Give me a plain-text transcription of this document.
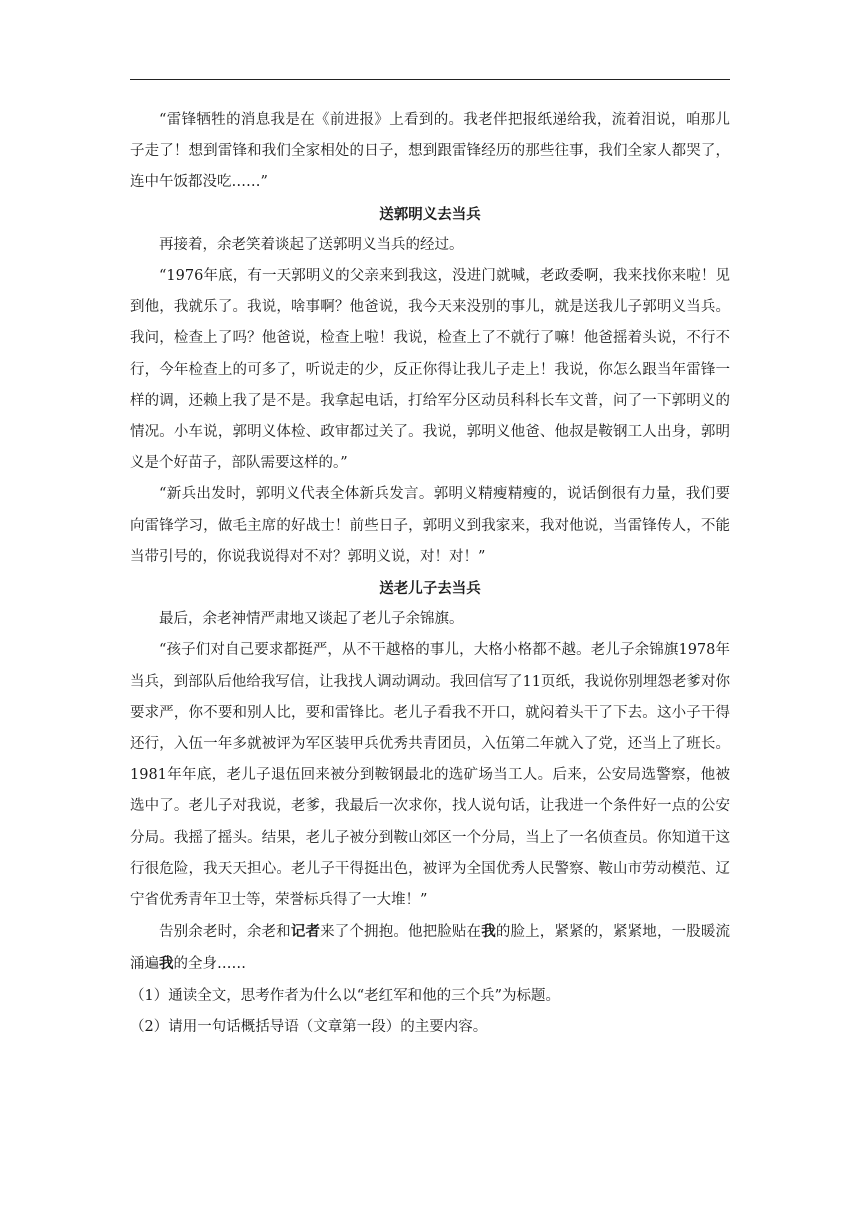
“雷锋牺牲的消息我是在《前进报》上看到的。我老伴把报纸递给我，流着泪说，咱那儿子走了！想到雷锋和我们全家相处的日子，想到跟雷锋经历的那些往事，我们全家人都哭了，连中午饭都没吃……”

送郭明义去当兵

再接着，余老笑着谈起了送郭明义当兵的经过。

“1976年底，有一天郭明义的父亲来到我这，没进门就喊，老政委啊，我来找你来啦！见到他，我就乐了。我说，啥事啊？他爸说，我今天来没别的事儿，就是送我儿子郭明义当兵。我问，检查上了吗？他爸说，检查上啦！我说，检查上了不就行了嘛！他爸摇着头说，不行不行，今年检查上的可多了，听说走的少，反正你得让我儿子走上！我说，你怎么跟当年雷锋一样的调，还赖上我了是不是。我拿起电话，打给军分区动员科科长车文普，问了一下郭明义的情况。小车说，郭明义体检、政审都过关了。我说，郭明义他爸、他叔是鞍钢工人出身，郭明义是个好苗子，部队需要这样的。”

“新兵出发时，郭明义代表全体新兵发言。郭明义精瘦精瘦的，说话倒很有力量，我们要向雷锋学习，做毛主席的好战士！前些日子，郭明义到我家来，我对他说，当雷锋传人，不能当带引号的，你说我说得对不对？郭明义说，对！对！”

送老儿子去当兵

最后，余老神情严肃地又谈起了老儿子余锦旗。

“孩子们对自己要求都挺严，从不干越格的事儿，大格小格都不越。老儿子余锦旗1978年当兵，到部队后他给我写信，让我找人调动调动。我回信写了11页纸，我说你别埋怨老爹对你要求严，你不要和别人比，要和雷锋比。老儿子看我不开口，就闷着头干了下去。这小子干得还行，入伍一年多就被评为军区装甲兵优秀共青团员，入伍第二年就入了党，还当上了班长。1981年年底，老儿子退伍回来被分到鞍钢最北的选矿场当工人。后来，公安局选警察，他被选中了。老儿子对我说，老爹，我最后一次求你，找人说句话，让我进一个条件好一点的公安分局。我摇了摇头。结果，老儿子被分到鞍山郊区一个分局，当上了一名侦查员。你知道干这行很危险，我天天担心。老儿子干得挺出色，被评为全国优秀人民警察、鞍山市劳动模范、辽宁省优秀青年卫士等，荣誉标兵得了一大堆！”

告别余老时，余老和记者来了个拥抱。他把脸贴在我的脸上，紧紧的，紧紧地，一股暖流涌遍我的全身……

（1）通读全文，思考作者为什么以“老红军和他的三个兵”为标题。

（2）请用一句话概括导语（文章第一段）的主要内容。
